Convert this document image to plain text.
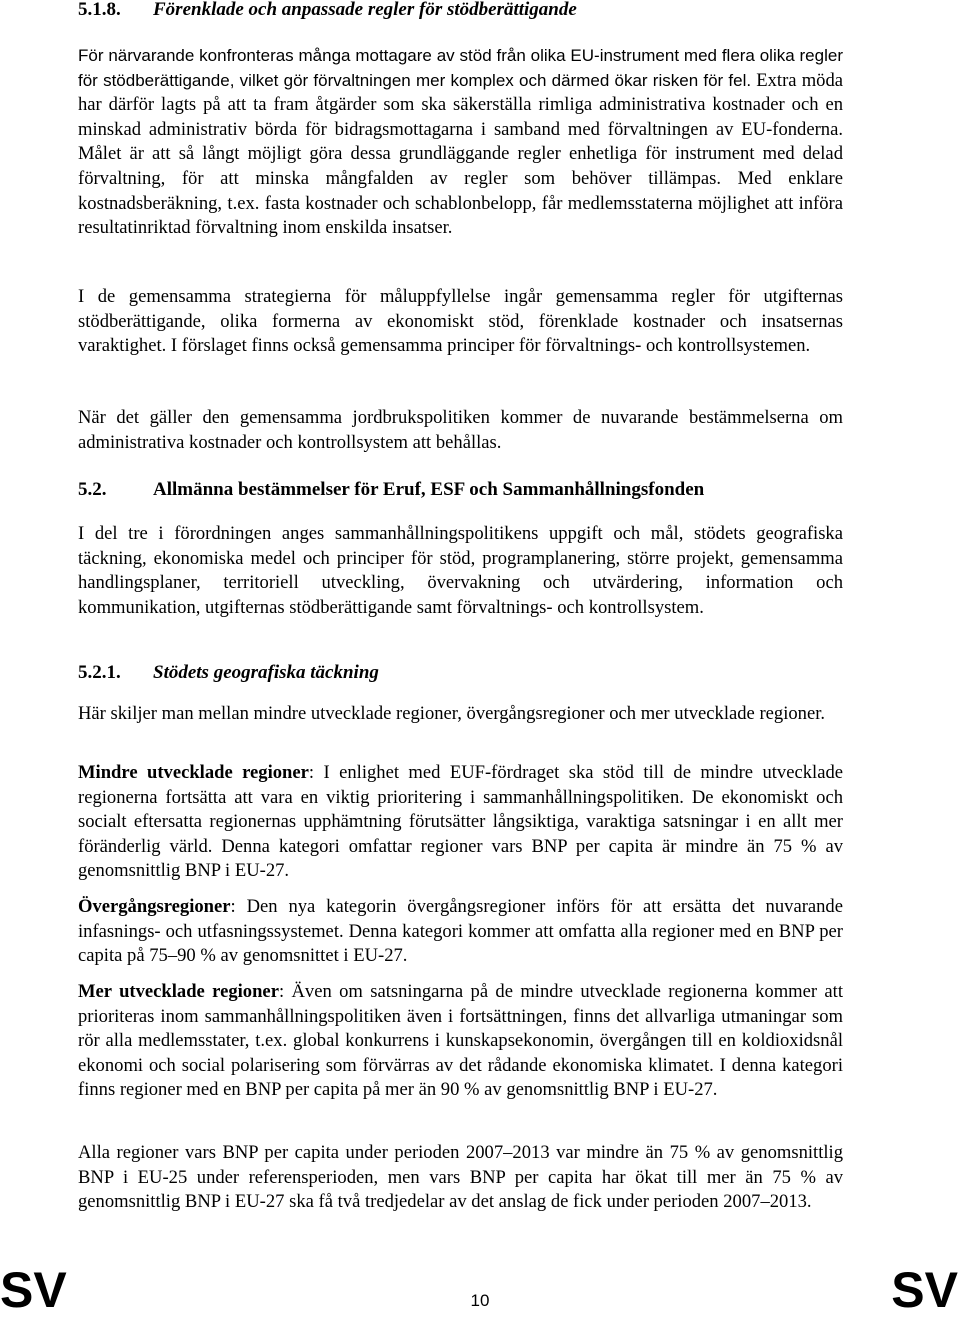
5.1.8. Förenklade och anpassade regler för stödberättigande

För närvarande konfronteras många mottagare av stöd från olika EU-instrument med flera olika regler för stödberättigande, vilket gör förvaltningen mer komplex och därmed ökar risken för fel. Extra möda har därför lagts på att ta fram åtgärder som ska säkerställa rimliga administrativa kostnader och en minskad administrativ börda för bidragsmottagarna i samband med förvaltningen av EU-fonderna. Målet är att så långt möjligt göra dessa grundläggande regler enhetliga för instrument med delad förvaltning, för att minska mångfalden av regler som behöver tillämpas. Med enklare kostnadsberäkning, t.ex. fasta kostnader och schablonbelopp, får medlemsstaterna möjlighet att införa resultatinriktad förvaltning inom enskilda insatser.

I de gemensamma strategierna för måluppfyllelse ingår gemensamma regler för utgifternas stödberättigande, olika formerna av ekonomiskt stöd, förenklade kostnader och insatsernas varaktighet. I förslaget finns också gemensamma principer för förvaltnings- och kontrollsystemen.

När det gäller den gemensamma jordbrukspolitiken kommer de nuvarande bestämmelserna om administrativa kostnader och kontrollsystem att behållas.

5.2. Allmänna bestämmelser för Eruf, ESF och Sammanhållningsfonden

I del tre i förordningen anges sammanhållningspolitikens uppgift och mål, stödets geografiska täckning, ekonomiska medel och principer för stöd, programplanering, större projekt, gemensamma handlingsplaner, territoriell utveckling, övervakning och utvärdering, information och kommunikation, utgifternas stödberättigande samt förvaltnings- och kontrollsystem.

5.2.1. Stödets geografiska täckning

Här skiljer man mellan mindre utvecklade regioner, övergångsregioner och mer utvecklade regioner.

Mindre utvecklade regioner: I enlighet med EUF-fördraget ska stöd till de mindre utvecklade regionerna fortsätta att vara en viktig prioritering i sammanhållningspolitiken. De ekonomiskt och socialt eftersatta regionernas upphämtning förutsätter långsiktiga, varaktiga satsningar i en allt mer föränderlig värld. Denna kategori omfattar regioner vars BNP per capita är mindre än 75 % av genomsnittlig BNP i EU-27.

Övergångsregioner: Den nya kategorin övergångsregioner införs för att ersätta det nuvarande infasnings- och utfasningssystemet. Denna kategori kommer att omfatta alla regioner med en BNP per capita på 75–90 % av genomsnittet i EU-27.

Mer utvecklade regioner: Även om satsningarna på de mindre utvecklade regionerna kommer att prioriteras inom sammanhållningspolitiken även i fortsättningen, finns det allvarliga utmaningar som rör alla medlemsstater, t.ex. global konkurrens i kunskapsekonomin, övergången till en koldioxidsnål ekonomi och social polarisering som förvärras av det rådande ekonomiska klimatet. I denna kategori finns regioner med en BNP per capita på mer än 90 % av genomsnittlig BNP i EU-27.

Alla regioner vars BNP per capita under perioden 2007–2013 var mindre än 75 % av genomsnittlig BNP i EU-25 under referensperioden, men vars BNP per capita har ökat till mer än 75 % av genomsnittlig BNP i EU-27 ska få två tredjedelar av det anslag de fick under perioden 2007–2013.

SV	10	SV
